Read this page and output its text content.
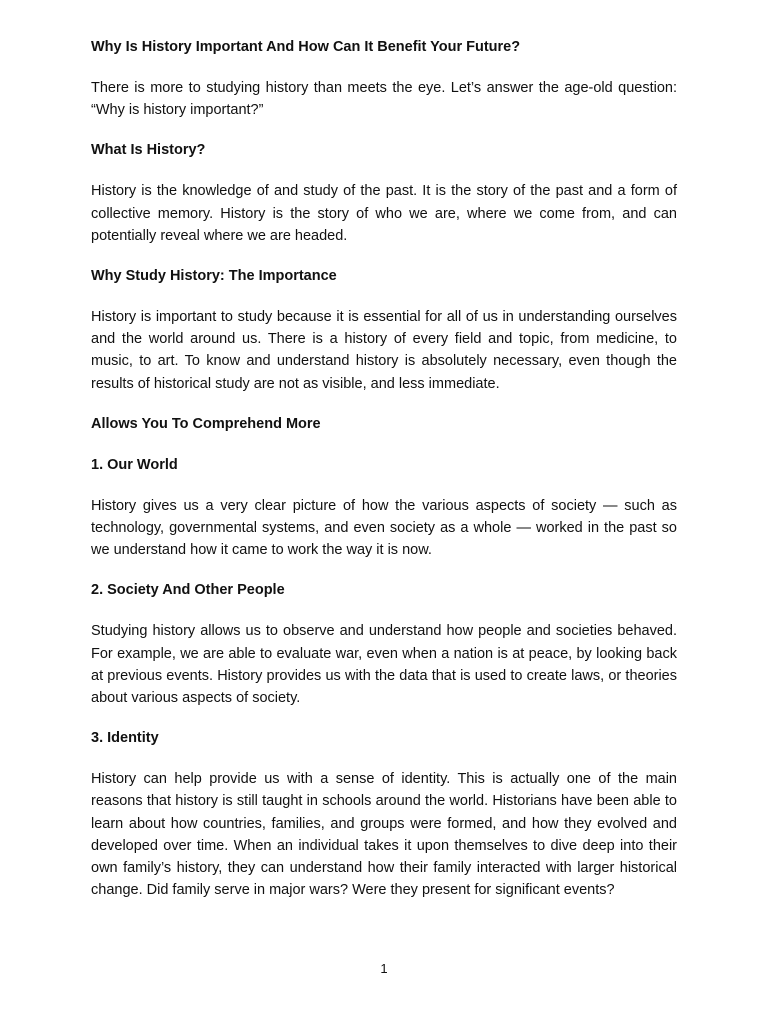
Why Is History Important And How Can It Benefit Your Future?
There is more to studying history than meets the eye. Let’s answer the age-old question: “Why is history important?”
What Is History?
History is the knowledge of and study of the past. It is the story of the past and a form of collective memory. History is the story of who we are, where we come from, and can potentially reveal where we are headed.
Why Study History: The Importance
History is important to study because it is essential for all of us in understanding ourselves and the world around us. There is a history of every field and topic, from medicine, to music, to art. To know and understand history is absolutely necessary, even though the results of historical study are not as visible, and less immediate.
Allows You To Comprehend More
1. Our World
History gives us a very clear picture of how the various aspects of society — such as technology, governmental systems, and even society as a whole — worked in the past so we understand how it came to work the way it is now.
2. Society And Other People
Studying history allows us to observe and understand how people and societies behaved. For example, we are able to evaluate war, even when a nation is at peace, by looking back at previous events. History provides us with the data that is used to create laws, or theories about various aspects of society.
3. Identity
History can help provide us with a sense of identity. This is actually one of the main reasons that history is still taught in schools around the world. Historians have been able to learn about how countries, families, and groups were formed, and how they evolved and developed over time. When an individual takes it upon themselves to dive deep into their own family’s history, they can understand how their family interacted with larger historical change. Did family serve in major wars? Were they present for significant events?
1
